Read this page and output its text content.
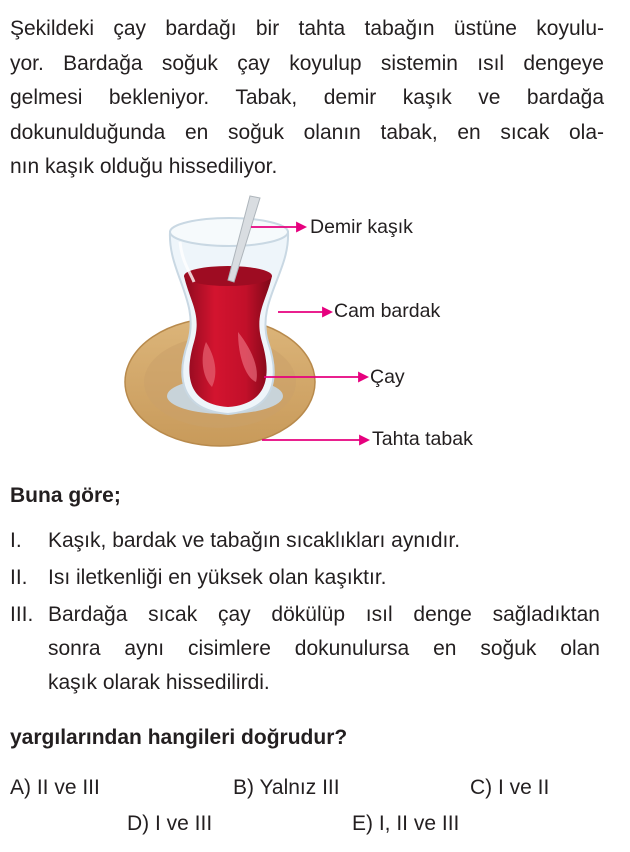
Şekildeki çay bardağı bir tahta tabağın üstüne koyulu-
yor. Bardağa soğuk çay koyulup sistemin ısıl dengeye
gelmesi bekleniyor. Tabak, demir kaşık ve bardağa
dokunulduğunda en soğuk olanın tabak, en sıcak ola-
nın kaşık olduğu hissediliyor.
Demir kaşık
Cam bardak
Çay
Tahta tabak

Buna göre;

I. Kaşık, bardak ve tabağın sıcaklıkları aynıdır.
II. Isı iletkenliği en yüksek olan kaşıktır.
III. Bardağa sıcak çay dökülüp ısıl denge sağladıktan
sonra aynı cisimlere dokunulursa en soğuk olan
kaşık olarak hissedilirdi.

yargılarından hangileri doğrudur?

A) II ve III	B) Yalnız III	C) I ve II
D) I ve III	E) I, II ve III
